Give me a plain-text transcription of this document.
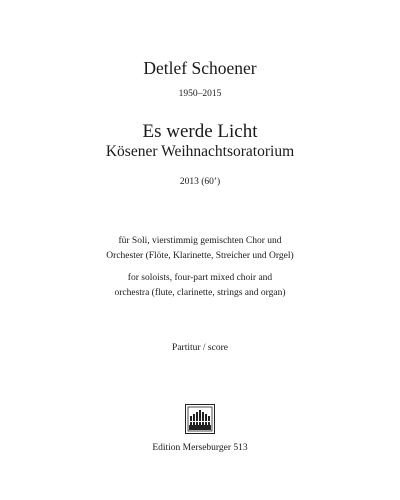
Detlef Schoener
1950–2015
Es werde Licht
Kösener Weihnachtsoratorium
2013 (60’)
für Soli, vierstimmig gemischten Chor und
Orchester (Flöte, Klarinette, Streicher und Orgel)
for soloists, four-part mixed choir and
orchestra (flute, clarinette, strings and organ)
Partitur / score
Edition Merseburger 513
